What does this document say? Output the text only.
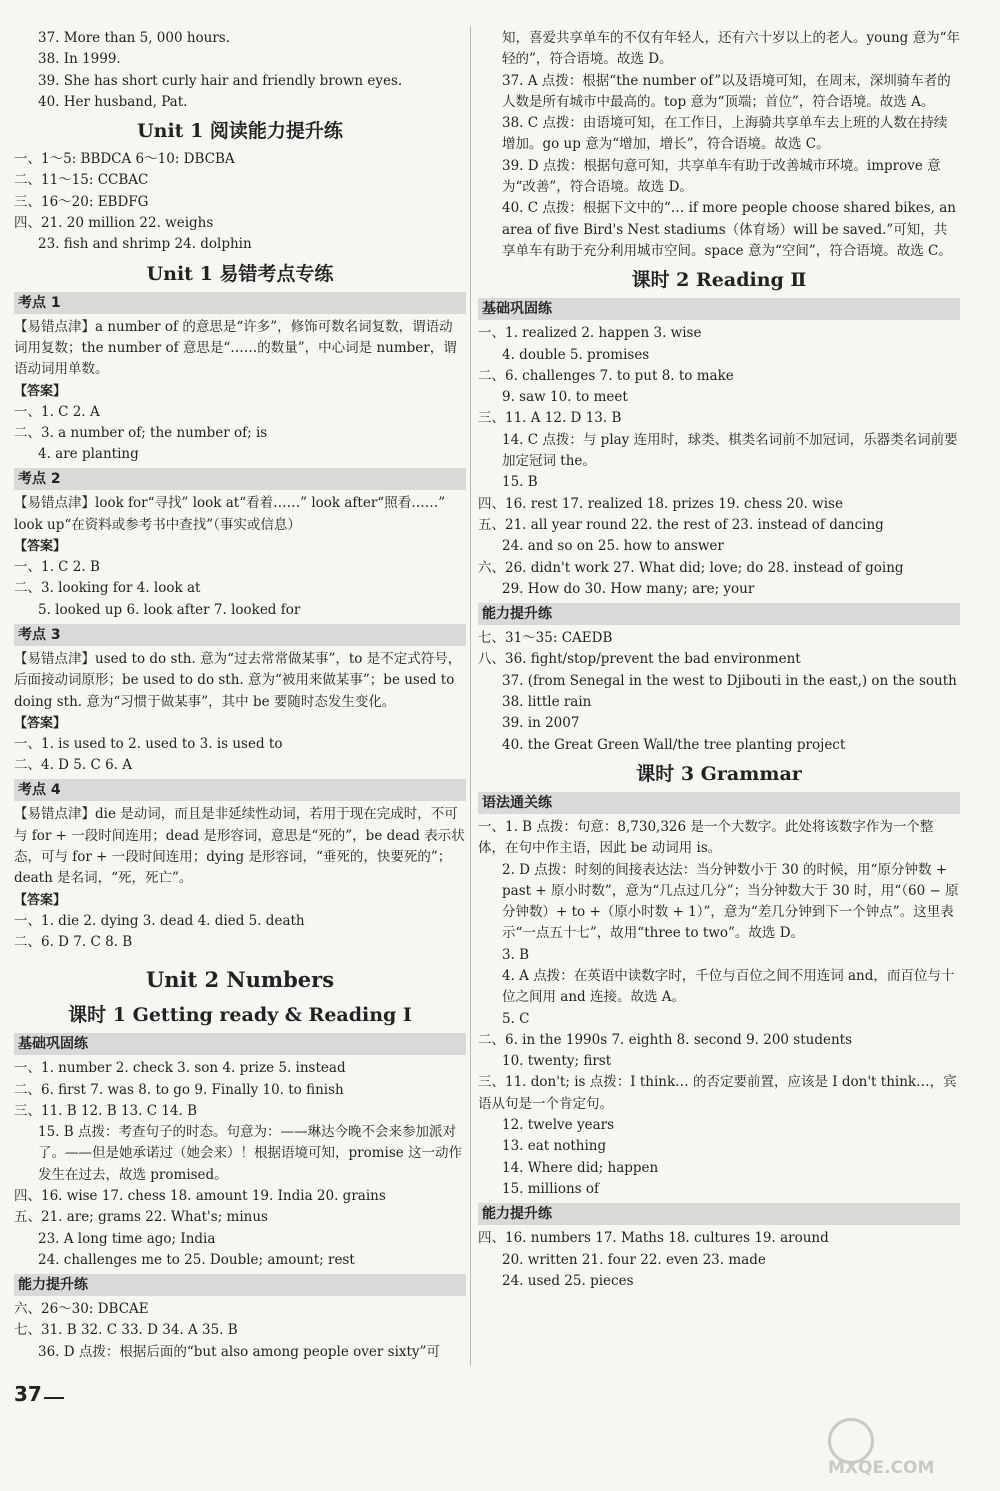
37. More than 5, 000 hours.
38. In 1999.
39. She has short curly hair and friendly brown eyes.
40. Her husband, Pat.
Unit 1 阅读能力提升练
一、1～5: BBDCA 6～10: DBCBA
二、11～15: CCBAC
三、16～20: EBDFG
四、21. 20 million 22. weighs
23. fish and shrimp 24. dolphin
Unit 1 易错考点专练
考点 1
【易错点津】a number of 的意思是“许多”，修饰可数名词复数，谓语动词用复数；the number of 意思是“……的数量”，中心词是 number，谓语动词用单数。
【答案】
一、1. C 2. A
二、3. a number of; the number of; is
4. are planting
考点 2
【易错点津】look for“寻找” look at“看着……” look after“照看……” look up“在资料或参考书中查找”（事实或信息）
【答案】
一、1. C 2. B
二、3. looking for 4. look at
5. looked up 6. look after 7. looked for
考点 3
【易错点津】used to do sth. 意为“过去常常做某事”，to 是不定式符号，后面接动词原形；be used to do sth. 意为“被用来做某事”；be used to doing sth. 意为“习惯于做某事”，其中 be 要随时态发生变化。
【答案】
一、1. is used to 2. used to 3. is used to
二、4. D 5. C 6. A
考点 4
【易错点津】die 是动词，而且是非延续性动词，若用于现在完成时，不可与 for + 一段时间连用；dead 是形容词，意思是“死的”，be dead 表示状态，可与 for + 一段时间连用；dying 是形容词，“垂死的，快要死的”；death 是名词，“死，死亡”。
【答案】
一、1. die 2. dying 3. dead 4. died 5. death
二、6. D 7. C 8. B
Unit 2 Numbers
课时 1 Getting ready & Reading Ⅰ
基础巩固练
一、1. number 2. check 3. son 4. prize 5. instead
二、6. first 7. was 8. to go 9. Finally 10. to finish
三、11. B 12. B 13. C 14. B
15. B 点拨：考查句子的时态。句意为：——琳达今晚不会来参加派对了。——但是她承诺过（她会来）！根据语境可知，promise 这一动作发生在过去，故选 promised。
四、16. wise 17. chess 18. amount 19. India 20. grains
五、21. are; grams 22. What's; minus
23. A long time ago; India
24. challenges me to 25. Double; amount; rest
能力提升练
六、26～30: DBCAE
七、31. B 32. C 33. D 34. A 35. B
36. D 点拨：根据后面的“but also among people over sixty”可
知，喜爱共享单车的不仅有年轻人，还有六十岁以上的老人。young 意为“年轻的”，符合语境。故选 D。
37. A 点拨：根据“the number of”以及语境可知，在周末，深圳骑车者的人数是所有城市中最高的。top 意为“顶端；首位”，符合语境。故选 A。
38. C 点拨：由语境可知，在工作日，上海骑共享单车去上班的人数在持续增加。go up 意为“增加，增长”，符合语境。故选 C。
39. D 点拨：根据句意可知，共享单车有助于改善城市环境。improve 意为“改善”，符合语境。故选 D。
40. C 点拨：根据下文中的“… if more people choose shared bikes, an area of five Bird's Nest stadiums（体育场）will be saved.”可知，共享单车有助于充分利用城市空间。space 意为“空间”，符合语境。故选 C。
课时 2 Reading Ⅱ
基础巩固练
一、1. realized 2. happen 3. wise
4. double 5. promises
二、6. challenges 7. to put 8. to make
9. saw 10. to meet
三、11. A 12. D 13. B
14. C 点拨：与 play 连用时，球类、棋类名词前不加冠词，乐器类名词前要加定冠词 the。
15. B
四、16. rest 17. realized 18. prizes 19. chess 20. wise
五、21. all year round 22. the rest of 23. instead of dancing
24. and so on 25. how to answer
六、26. didn't work 27. What did; love; do 28. instead of going
29. How do 30. How many; are; your
能力提升练
七、31～35: CAEDB
八、36. fight/stop/prevent the bad environment
37. (from Senegal in the west to Djibouti in the east,) on the south
38. little rain
39. in 2007
40. the Great Green Wall/the tree planting project
课时 3 Grammar
语法通关练
一、1. B 点拨：句意：8,730,326 是一个大数字。此处将该数字作为一个整体，在句中作主语，因此 be 动词用 is。
2. D 点拨：时刻的间接表达法：当分钟数小于 30 的时候，用“原分钟数 + past + 原小时数”，意为“几点过几分”；当分钟数大于 30 时，用“（60 − 原分钟数）+ to +（原小时数 + 1）”，意为“差几分钟到下一个钟点”。这里表示“一点五十七”，故用“three to two”。故选 D。
3. B
4. A 点拨：在英语中读数字时，千位与百位之间不用连词 and，而百位与十位之间用 and 连接。故选 A。
5. C
二、6. in the 1990s 7. eighth 8. second 9. 200 students
10. twenty; first
三、11. don't; is 点拨：I think… 的否定要前置，应该是 I don't think…，宾语从句是一个肯定句。
12. twelve years
13. eat nothing
14. Where did; happen
15. millions of
能力提升练
四、16. numbers 17. Maths 18. cultures 19. around
20. written 21. four 22. even 23. made
24. used 25. pieces
37
MXQE.COM
